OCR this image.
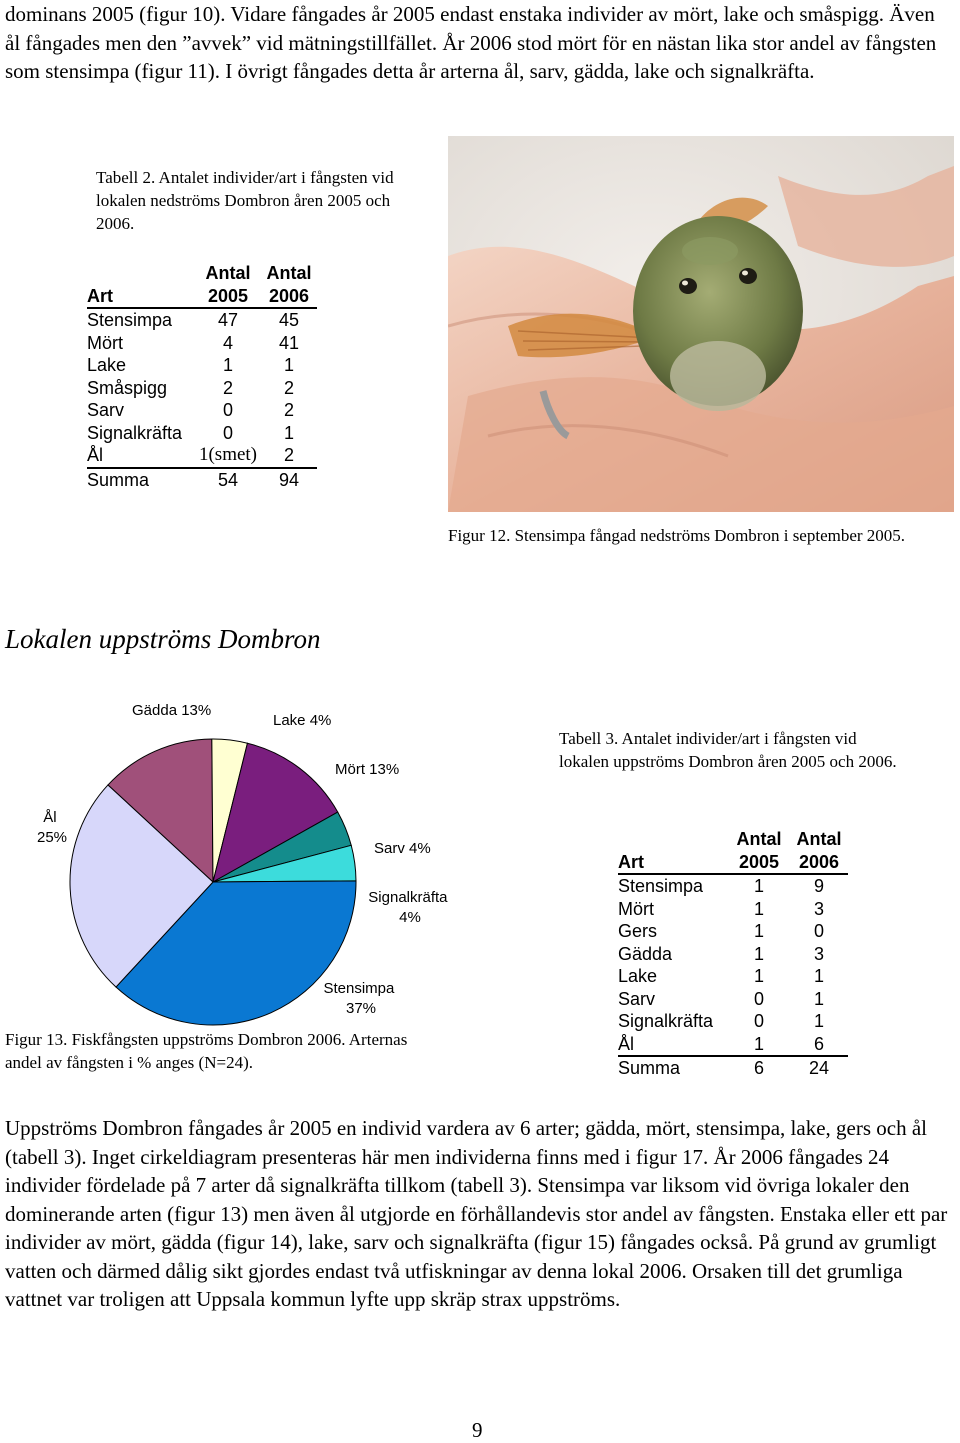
dominans 2005 (figur 10). Vidare fångades år 2005 endast enstaka individer av mört, lake och småspigg. Även ål fångades men den ”avvek” vid mätningstillfället. År 2006 stod mört för en nästan lika stor andel av fångsten som stensimpa (figur 11). I övrigt fångades detta år arterna ål, sarv, gädda, lake och signalkräfta.
Tabell 2. Antalet individer/art i fångsten vid lokalen nedströms Dombron åren 2005 och 2006.
	Antal	Antal
Art	2005	2006
Stensimpa	47	45
Mört	4	41
Lake	1	1
Småspigg	2	2
Sarv	0	2
Signalkräfta	0	1
Ål	1(smet)	2
Summa	54	94
Figur 12. Stensimpa fångad nedströms Dombron i september 2005.
Lokalen uppströms Dombron
Gädda 13%
Lake 4%
Mört 13%
Sarv 4%
Signalkräfta 4%
Stensimpa 37%
Ål 25%
Figur 13. Fiskfångsten uppströms Dombron 2006. Arternas andel av fångsten i % anges (N=24).
Tabell 3. Antalet individer/art i fångsten vid lokalen uppströms Dombron åren 2005 och 2006.
	Antal	Antal
Art	2005	2006
Stensimpa	1	9
Mört	1	3
Gers	1	0
Gädda	1	3
Lake	1	1
Sarv	0	1
Signalkräfta	0	1
Ål	1	6
Summa	6	24
Uppströms Dombron fångades år 2005 en individ vardera av 6 arter; gädda, mört, stensimpa, lake, gers och ål (tabell 3). Inget cirkeldiagram presenteras här men individerna finns med i figur 17. År 2006 fångades 24 individer fördelade på 7 arter då signalkräfta tillkom (tabell 3). Stensimpa var liksom vid övriga lokaler den dominerande arten (figur 13) men även ål utgjorde en förhållandevis stor andel av fångsten. Enstaka eller ett par individer av mört, gädda (figur 14), lake, sarv och signalkräfta (figur 15) fångades också. På grund av grumligt vatten och därmed dålig sikt gjordes endast två utfiskningar av denna lokal 2006. Orsaken till det grumliga vattnet var troligen att Uppsala kommun lyfte upp skräp strax uppströms.
9
